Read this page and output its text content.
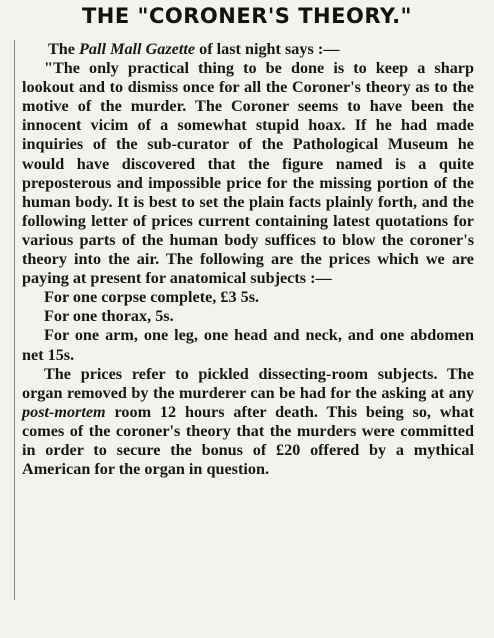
THE "CORONER'S THEORY."
The Pall Mall Gazette of last night says :—

"The only practical thing to be done is to keep a sharp lookout and to dismiss once for all the Coroner's theory as to the motive of the murder. The Coroner seems to have been the innocent vicim of a somewhat stupid hoax. If he had made inquiries of the sub-curator of the Pathological Museum he would have discovered that the figure named is a quite preposterous and impossible price for the missing portion of the human body. It is best to set the plain facts plainly forth, and the following letter of prices current containing latest quotations for various parts of the human body suffices to blow the coroner's theory into the air. The following are the prices which we are paying at present for anatomical subjects :—

For one corpse complete, £3 5s.

For one thorax, 5s.

For one arm, one leg, one head and neck, and one abdomen net 15s.

The prices refer to pickled dissecting-room subjects. The organ removed by the murderer can be had for the asking at any post-mortem room 12 hours after death. This being so, what comes of the coroner's theory that the murders were committed in order to secure the bonus of £20 offered by a mythical American for the organ in question.
